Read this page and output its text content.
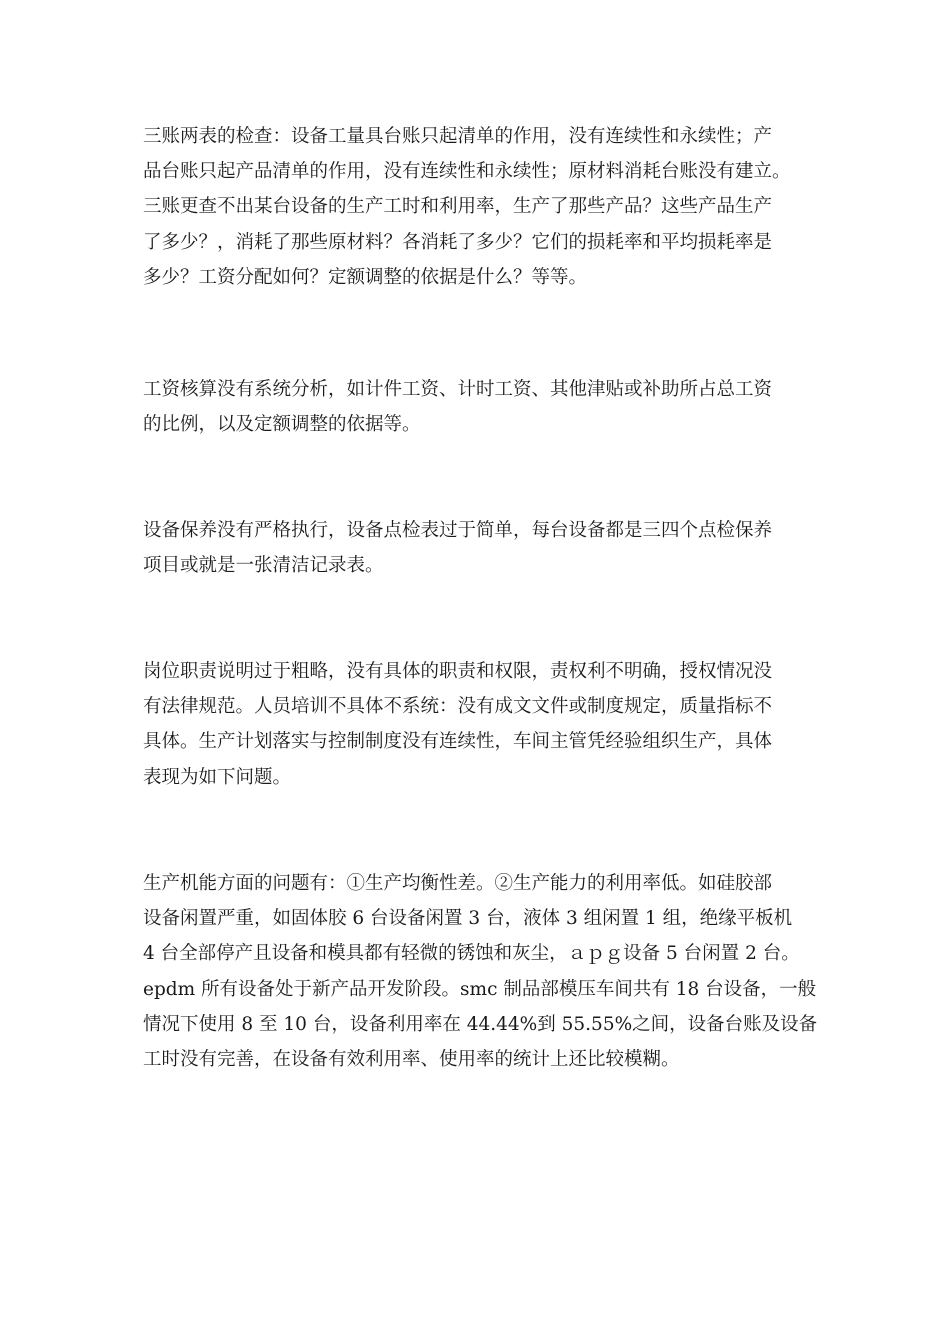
三账两表的检查：设备工量具台账只起清单的作用，没有连续性和永续性；产
品台账只起产品清单的作用，没有连续性和永续性；原材料消耗台账没有建立。
三账更查不出某台设备的生产工时和利用率，生产了那些产品？这些产品生产
了多少？，消耗了那些原材料？各消耗了多少？它们的损耗率和平均损耗率是
多少？工资分配如何？定额调整的依据是什么？等等。

工资核算没有系统分析，如计件工资、计时工资、其他津贴或补助所占总工资
的比例，以及定额调整的依据等。

设备保养没有严格执行，设备点检表过于简单，每台设备都是三四个点检保养
项目或就是一张清洁记录表。

岗位职责说明过于粗略，没有具体的职责和权限，责权利不明确，授权情况没
有法律规范。人员培训不具体不系统：没有成文文件或制度规定，质量指标不
具体。生产计划落实与控制制度没有连续性，车间主管凭经验组织生产，具体
表现为如下问题。

生产机能方面的问题有：①生产均衡性差。②生产能力的利用率低。如硅胶部
设备闲置严重，如固体胶 6 台设备闲置 3 台，液体 3 组闲置 1 组，绝缘平板机
4 台全部停产且设备和模具都有轻微的锈蚀和灰尘，ａｐｇ设备 5 台闲置 2 台。
epdm 所有设备处于新产品开发阶段。smc 制品部模压车间共有 18 台设备，一般
情况下使用 8 至 10 台，设备利用率在 44.44%到 55.55%之间，设备台账及设备
工时没有完善，在设备有效利用率、使用率的统计上还比较模糊。
